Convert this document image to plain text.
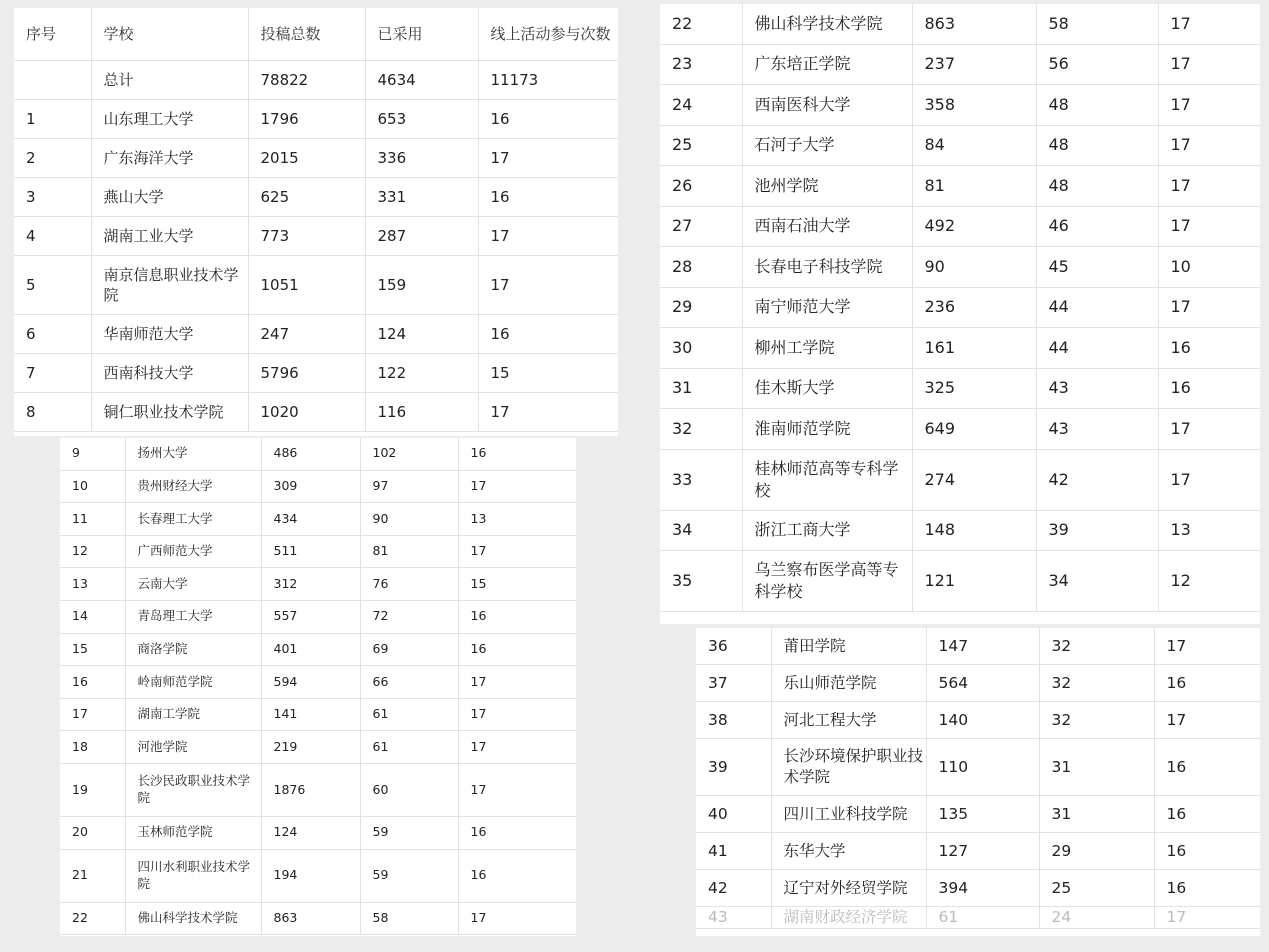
序号	学校	投稿总数	已采用	线上活动参与次数
	总计	78822	4634	11173
1	山东理工大学	1796	653	16
2	广东海洋大学	2015	336	17
3	燕山大学	625	331	16
4	湖南工业大学	773	287	17
5	南京信息职业技术学院	1051	159	17
6	华南师范大学	247	124	16
7	西南科技大学	5796	122	15
8	铜仁职业技术学院	1020	116	17
9	扬州大学	486	102	16
10	贵州财经大学	309	97	17
11	长春理工大学	434	90	13
12	广西师范大学	511	81	17
13	云南大学	312	76	15
14	青岛理工大学	557	72	16
15	商洛学院	401	69	16
16	岭南师范学院	594	66	17
17	湖南工学院	141	61	17
18	河池学院	219	61	17
19	长沙民政职业技术学院	1876	60	17
20	玉林师范学院	124	59	16
21	四川水利职业技术学院	194	59	16
22	佛山科学技术学院	863	58	17
22	佛山科学技术学院	863	58	17
23	广东培正学院	237	56	17
24	西南医科大学	358	48	17
25	石河子大学	84	48	17
26	池州学院	81	48	17
27	西南石油大学	492	46	17
28	长春电子科技学院	90	45	10
29	南宁师范大学	236	44	17
30	柳州工学院	161	44	16
31	佳木斯大学	325	43	16
32	淮南师范学院	649	43	17
33	桂林师范高等专科学校	274	42	17
34	浙江工商大学	148	39	13
35	乌兰察布医学高等专科学校	121	34	12
36	莆田学院	147	32	17
37	乐山师范学院	564	32	16
38	河北工程大学	140	32	17
39	长沙环境保护职业技术学院	110	31	16
40	四川工业科技学院	135	31	16
41	东华大学	127	29	16
42	辽宁对外经贸学院	394	25	16
43	湖南财政经济学院	61	24	17
